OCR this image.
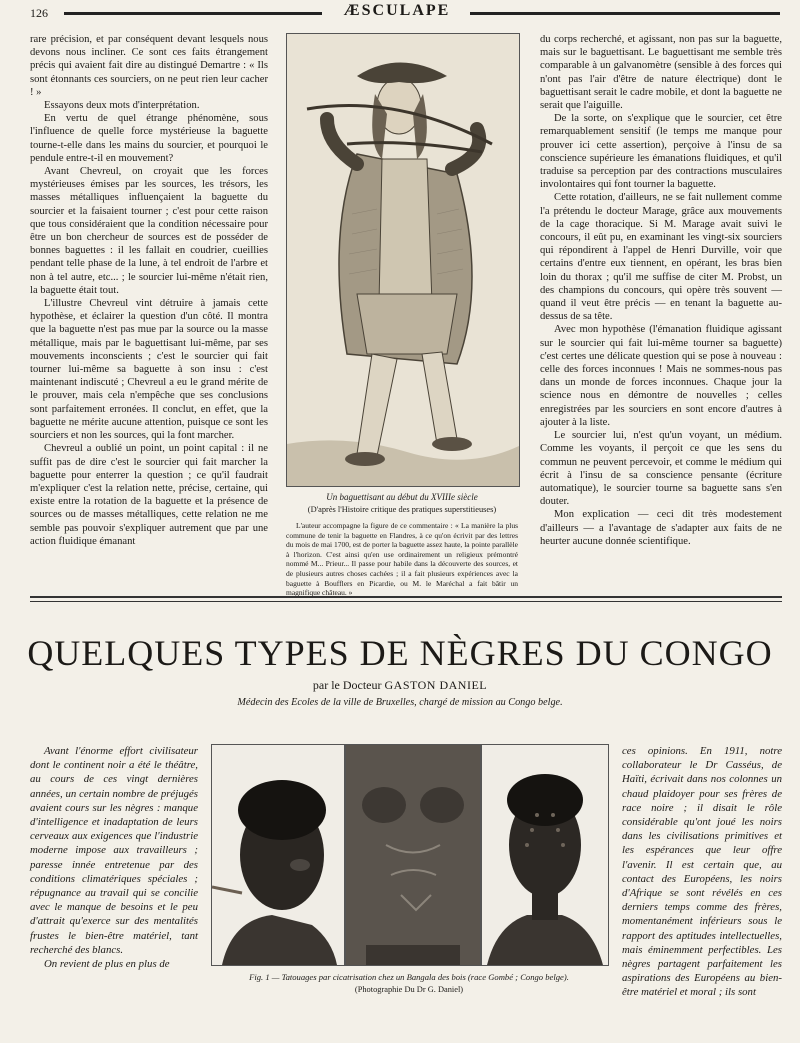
126	ÆSCULAPE

rare précision, et par conséquent devant lesquels nous devons nous incliner. Ce sont ces faits étrangement précis qui avaient fait dire au distingué Demartre : « Ils sont étonnants ces sourciers, on ne peut rien leur cacher ! »

Essayons deux mots d'interprétation.

En vertu de quel étrange phénomène, sous l'influence de quelle force mystérieuse la baguette tourne-t-elle dans les mains du sourcier, et pourquoi le pendule entre-t-il en mouvement?

Avant Chevreul, on croyait que les forces mystérieuses émises par les sources, les trésors, les masses métalliques influençaient la baguette du sourcier et la faisaient tourner ; c'est pour cette raison que tous considéraient que la condition nécessaire pour être un bon chercheur de sources est de posséder de bonnes baguettes : il les fallait en coudrier, cueillies pendant telle phase de la lune, à tel endroit de l'arbre et non à tel autre, etc... ; le sourcier lui-même n'était rien, la baguette était tout.

L'illustre Chevreul vint détruire à jamais cette hypothèse, et éclairer la question d'un côté. Il montra que la baguette n'est pas mue par la source ou la masse métallique, mais par le baguettisant lui-même, par ses mouvements inconscients ; c'est le sourcier qui fait tourner lui-même sa baguette à son insu : c'est maintenant indiscuté ; Chevreul a eu le grand mérite de le prouver, mais cela n'empêche que ses conclusions sont parfaitement erronées. Il conclut, en effet, que la baguette ne mérite aucune attention, puisque ce sont les sourciers et non les sources, qui la font marcher.

Chevreul a oublié un point, un point capital : il ne suffit pas de dire c'est le sourcier qui fait marcher la baguette pour enterrer la question ; ce qu'il faudrait m'expliquer c'est la relation nette, précise, certaine, qui existe entre la rotation de la baguette et la présence de sources ou de masses métalliques, cette relation ne me semble pas pouvoir s'expliquer autrement que par une action fluidique émanant

Un baguettisant au début du XVIIIe siècle
(D'après l'Histoire critique des pratiques superstitieuses)

L'auteur accompagne la figure de ce commentaire : « La manière la plus commune de tenir la baguette en Flandres, à ce qu'on écrivit par des lettres du mois de mai 1700, est de porter la baguette assez haute, la pointe parallèle à l'horizon. C'est ainsi qu'en use ordinairement un religieux prémontré nommé M... Prieur... Il passe pour habile dans la découverte des sources, et de plusieurs autres choses cachées ; il a fait plusieurs expériences avec la baguette à Boufflers en Picardie, ou M. le Maréchal a fait bâtir un magnifique château. »

du corps recherché, et agissant, non pas sur la baguette, mais sur le baguettisant. Le baguettisant me semble très comparable à un galvanomètre (sensible à des forces qui n'ont pas l'air d'être de nature électrique) dont le baguettisant serait le cadre mobile, et dont la baguette ne serait que l'aiguille.

De la sorte, on s'explique que le sourcier, cet être remarquablement sensitif (le temps me manque pour prouver ici cette assertion), perçoive à l'insu de sa conscience supérieure les émanations fluidiques, et qu'il traduise sa perception par des contractions musculaires involontaires qui font tourner la baguette.

Cette rotation, d'ailleurs, ne se fait nullement comme l'a prétendu le docteur Marage, grâce aux mouvements de la cage thoracique. Si M. Marage avait suivi le concours, il eût pu, en examinant les vingt-six sourciers qui répondirent à l'appel de Henri Durville, voir que certains d'entre eux tiennent, en opérant, les bras bien loin du thorax ; qu'il me suffise de citer M. Probst, un des champions du concours, qui opère très souvent — quand il veut être précis — en tenant la baguette au-dessus de sa tête.

Avec mon hypothèse (l'émanation fluidique agissant sur le sourcier qui fait lui-même tourner sa baguette) c'est certes une délicate question qui se pose à nouveau : celle des forces inconnues ! Mais ne sommes-nous pas dans un monde de forces inconnues. Chaque jour la science nous en démontre de nouvelles ; celles enregistrées par les sourciers en sont encore d'autres à ajouter à la liste.

Le sourcier lui, n'est qu'un voyant, un médium. Comme les voyants, il perçoit ce que les sens du commun ne peuvent percevoir, et comme le médium qui écrit à l'insu de sa conscience pensante (écriture automatique), le sourcier tourne sa baguette sans s'en douter.

Mon explication — ceci dit très modestement d'ailleurs — a l'avantage de s'adapter aux faits de ne heurter aucune donnée scientifique.

QUELQUES TYPES DE NÈGRES DU CONGO
par le Docteur GASTON DANIEL
Médecin des Ecoles de la ville de Bruxelles, chargé de mission au Congo belge.

Avant l'énorme effort civilisateur dont le continent noir a été le théâtre, au cours de ces vingt dernières années, un certain nombre de préjugés avaient cours sur les nègres : manque d'intelligence et inadaptation de leurs cerveaux aux exigences que l'industrie moderne impose aux travailleurs ; paresse innée entretenue par des conditions climatériques spéciales ; répugnance au travail qui se concilie avec le manque de besoins et le peu d'attrait qu'exerce sur des mentalités frustes le bien-être matériel, tant recherché des blancs.

On revient de plus en plus de

Fig. 1 — Tatouages par cicatrisation chez un Bangala des bois (race Gombé ; Congo belge).
(Photographie Du Dr G. Daniel)

ces opinions. En 1911, notre collaborateur le Dr Casséus, de Haïti, écrivait dans nos colonnes un chaud plaidoyer pour ses frères de race noire ; il disait le rôle considérable qu'ont joué les noirs dans les civilisations primitives et les espérances que leur offre l'avenir. Il est certain que, au contact des Européens, les noirs d'Afrique se sont révélés en ces derniers temps comme des frères, momentanément inférieurs sous le rapport des aptitudes intellectuelles, mais éminemment perfectibles. Les nègres partagent parfaitement les aspirations des Européens au bien-être matériel et moral ; ils sont
